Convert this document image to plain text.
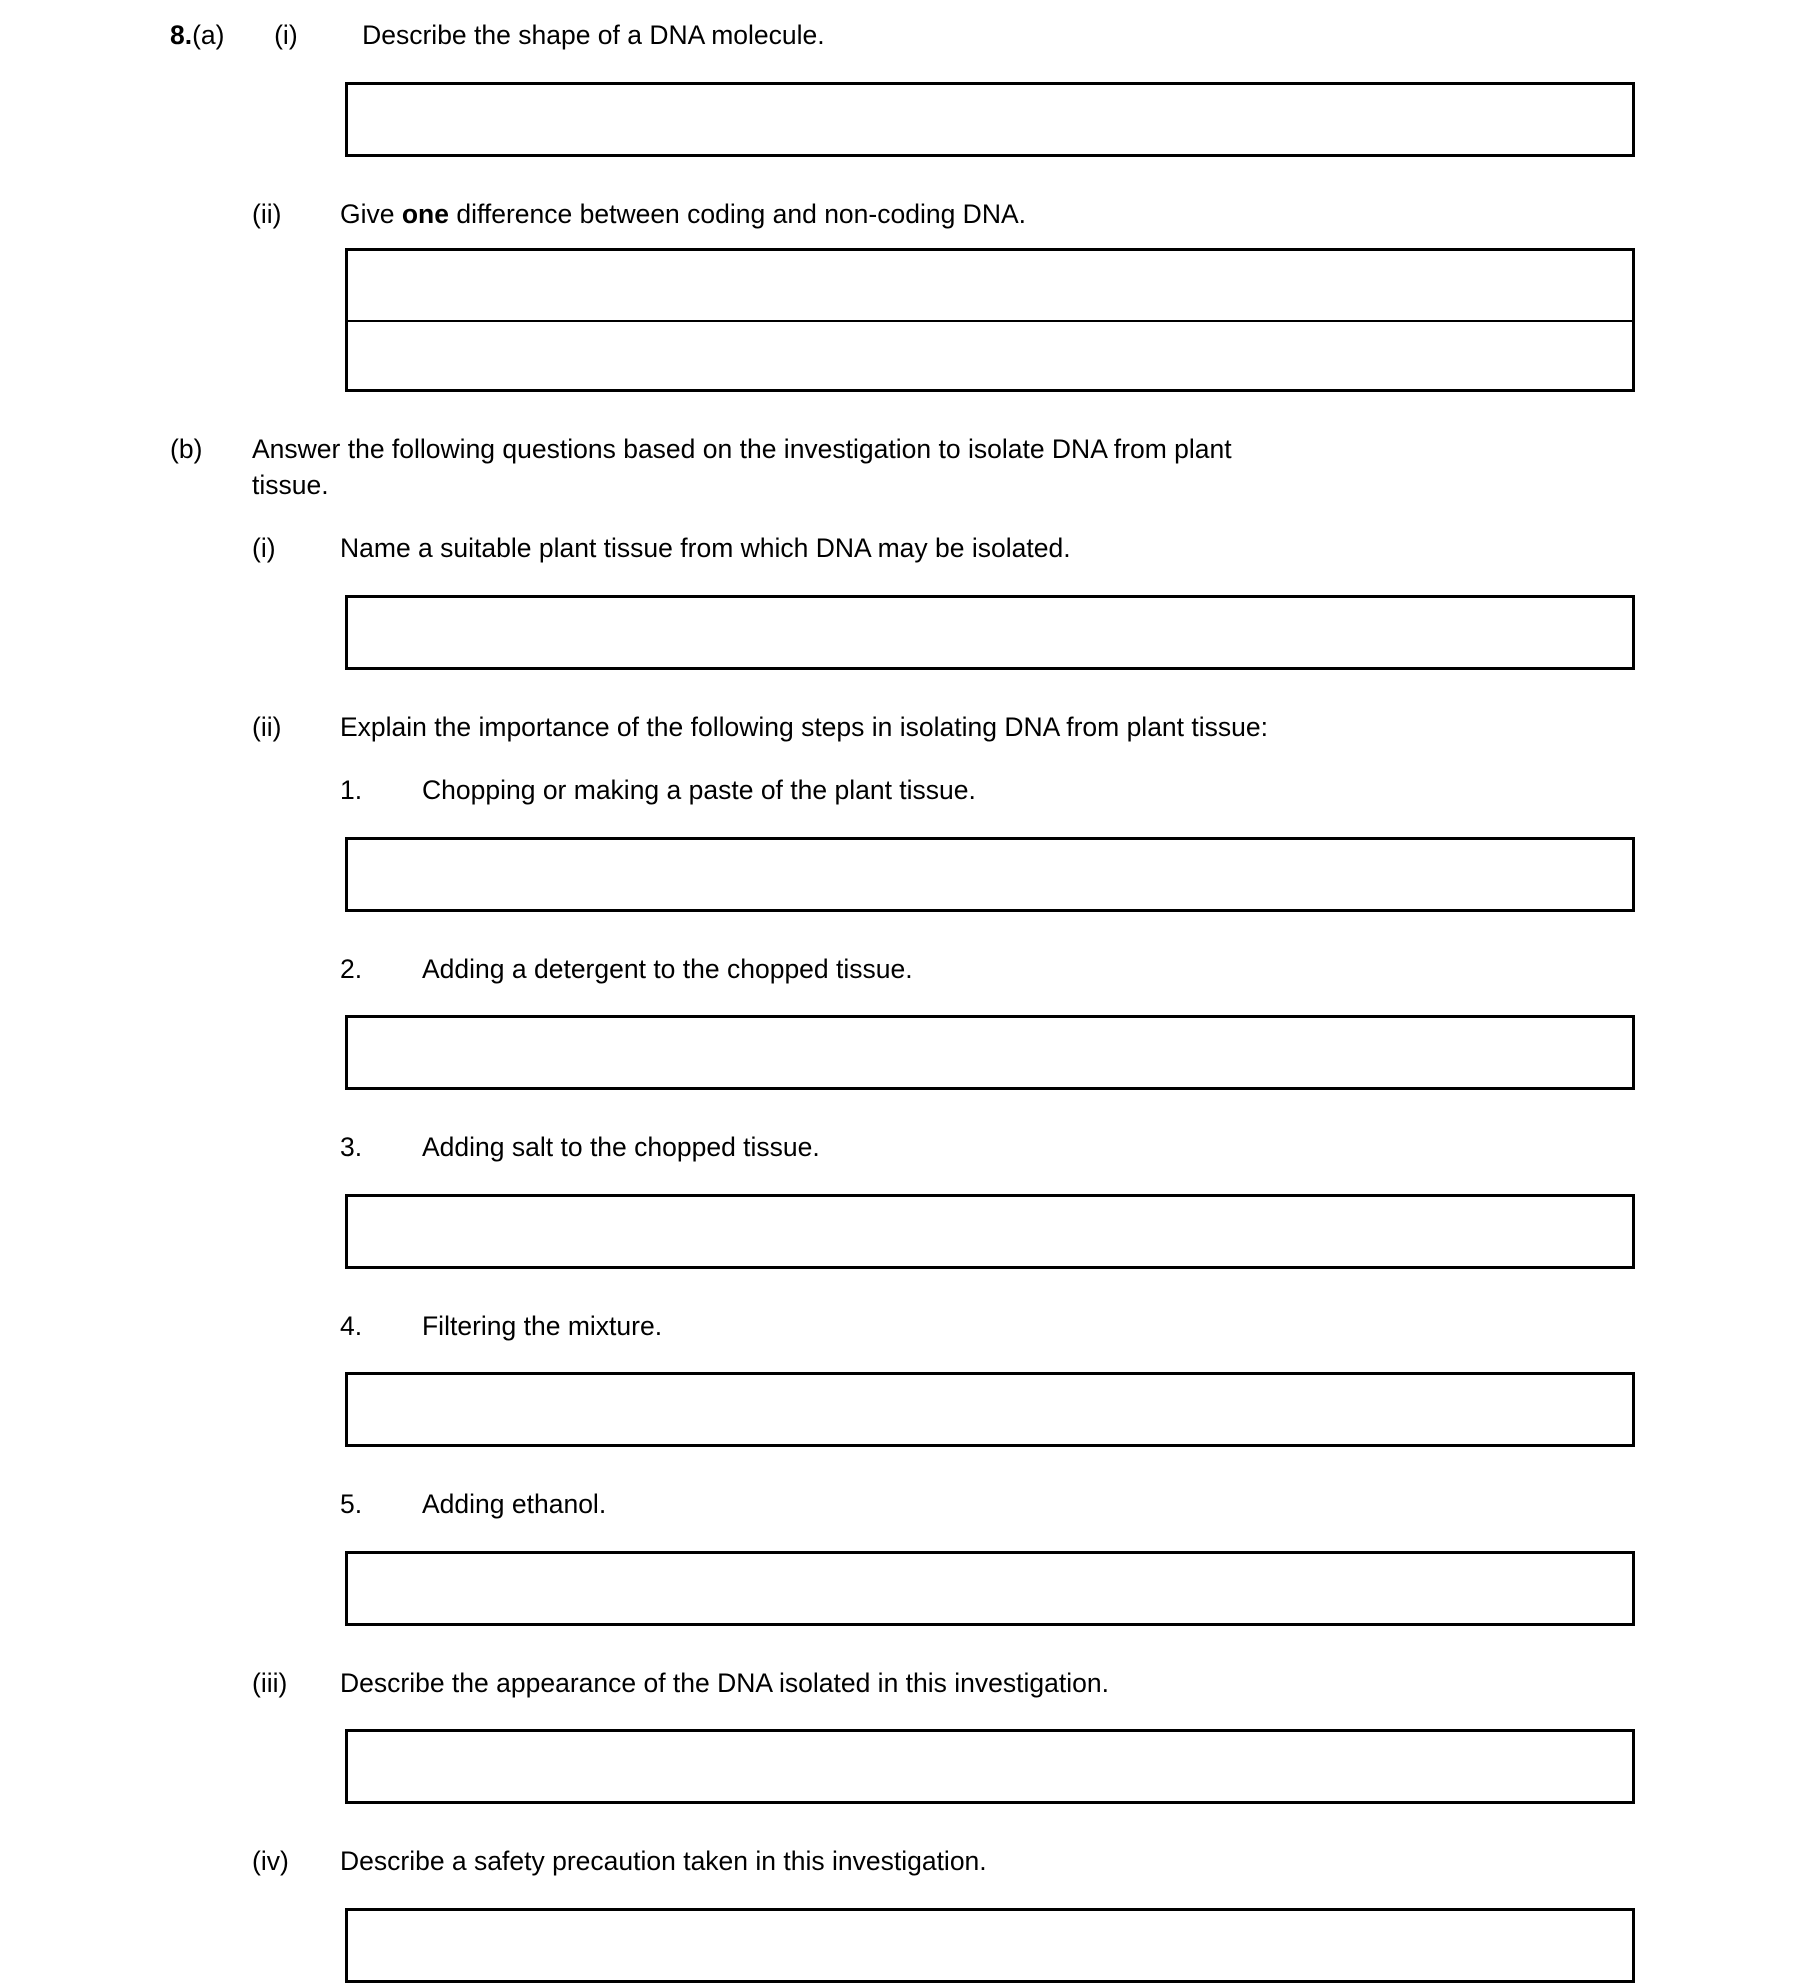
8. (a)	(i)	Describe the shape of a DNA molecule.
(ii)	Give one difference between coding and non-coding DNA.
(b)	Answer the following questions based on the investigation to isolate DNA from plant tissue.
(i)	Name a suitable plant tissue from which DNA may be isolated.
(ii)	Explain the importance of the following steps in isolating DNA from plant tissue:
1.	Chopping or making a paste of the plant tissue.
2.	Adding a detergent to the chopped tissue.
3.	Adding salt to the chopped tissue.
4.	Filtering the mixture.
5.	Adding ethanol.
(iii)	Describe the appearance of the DNA isolated in this investigation.
(iv)	Describe a safety precaution taken in this investigation.
